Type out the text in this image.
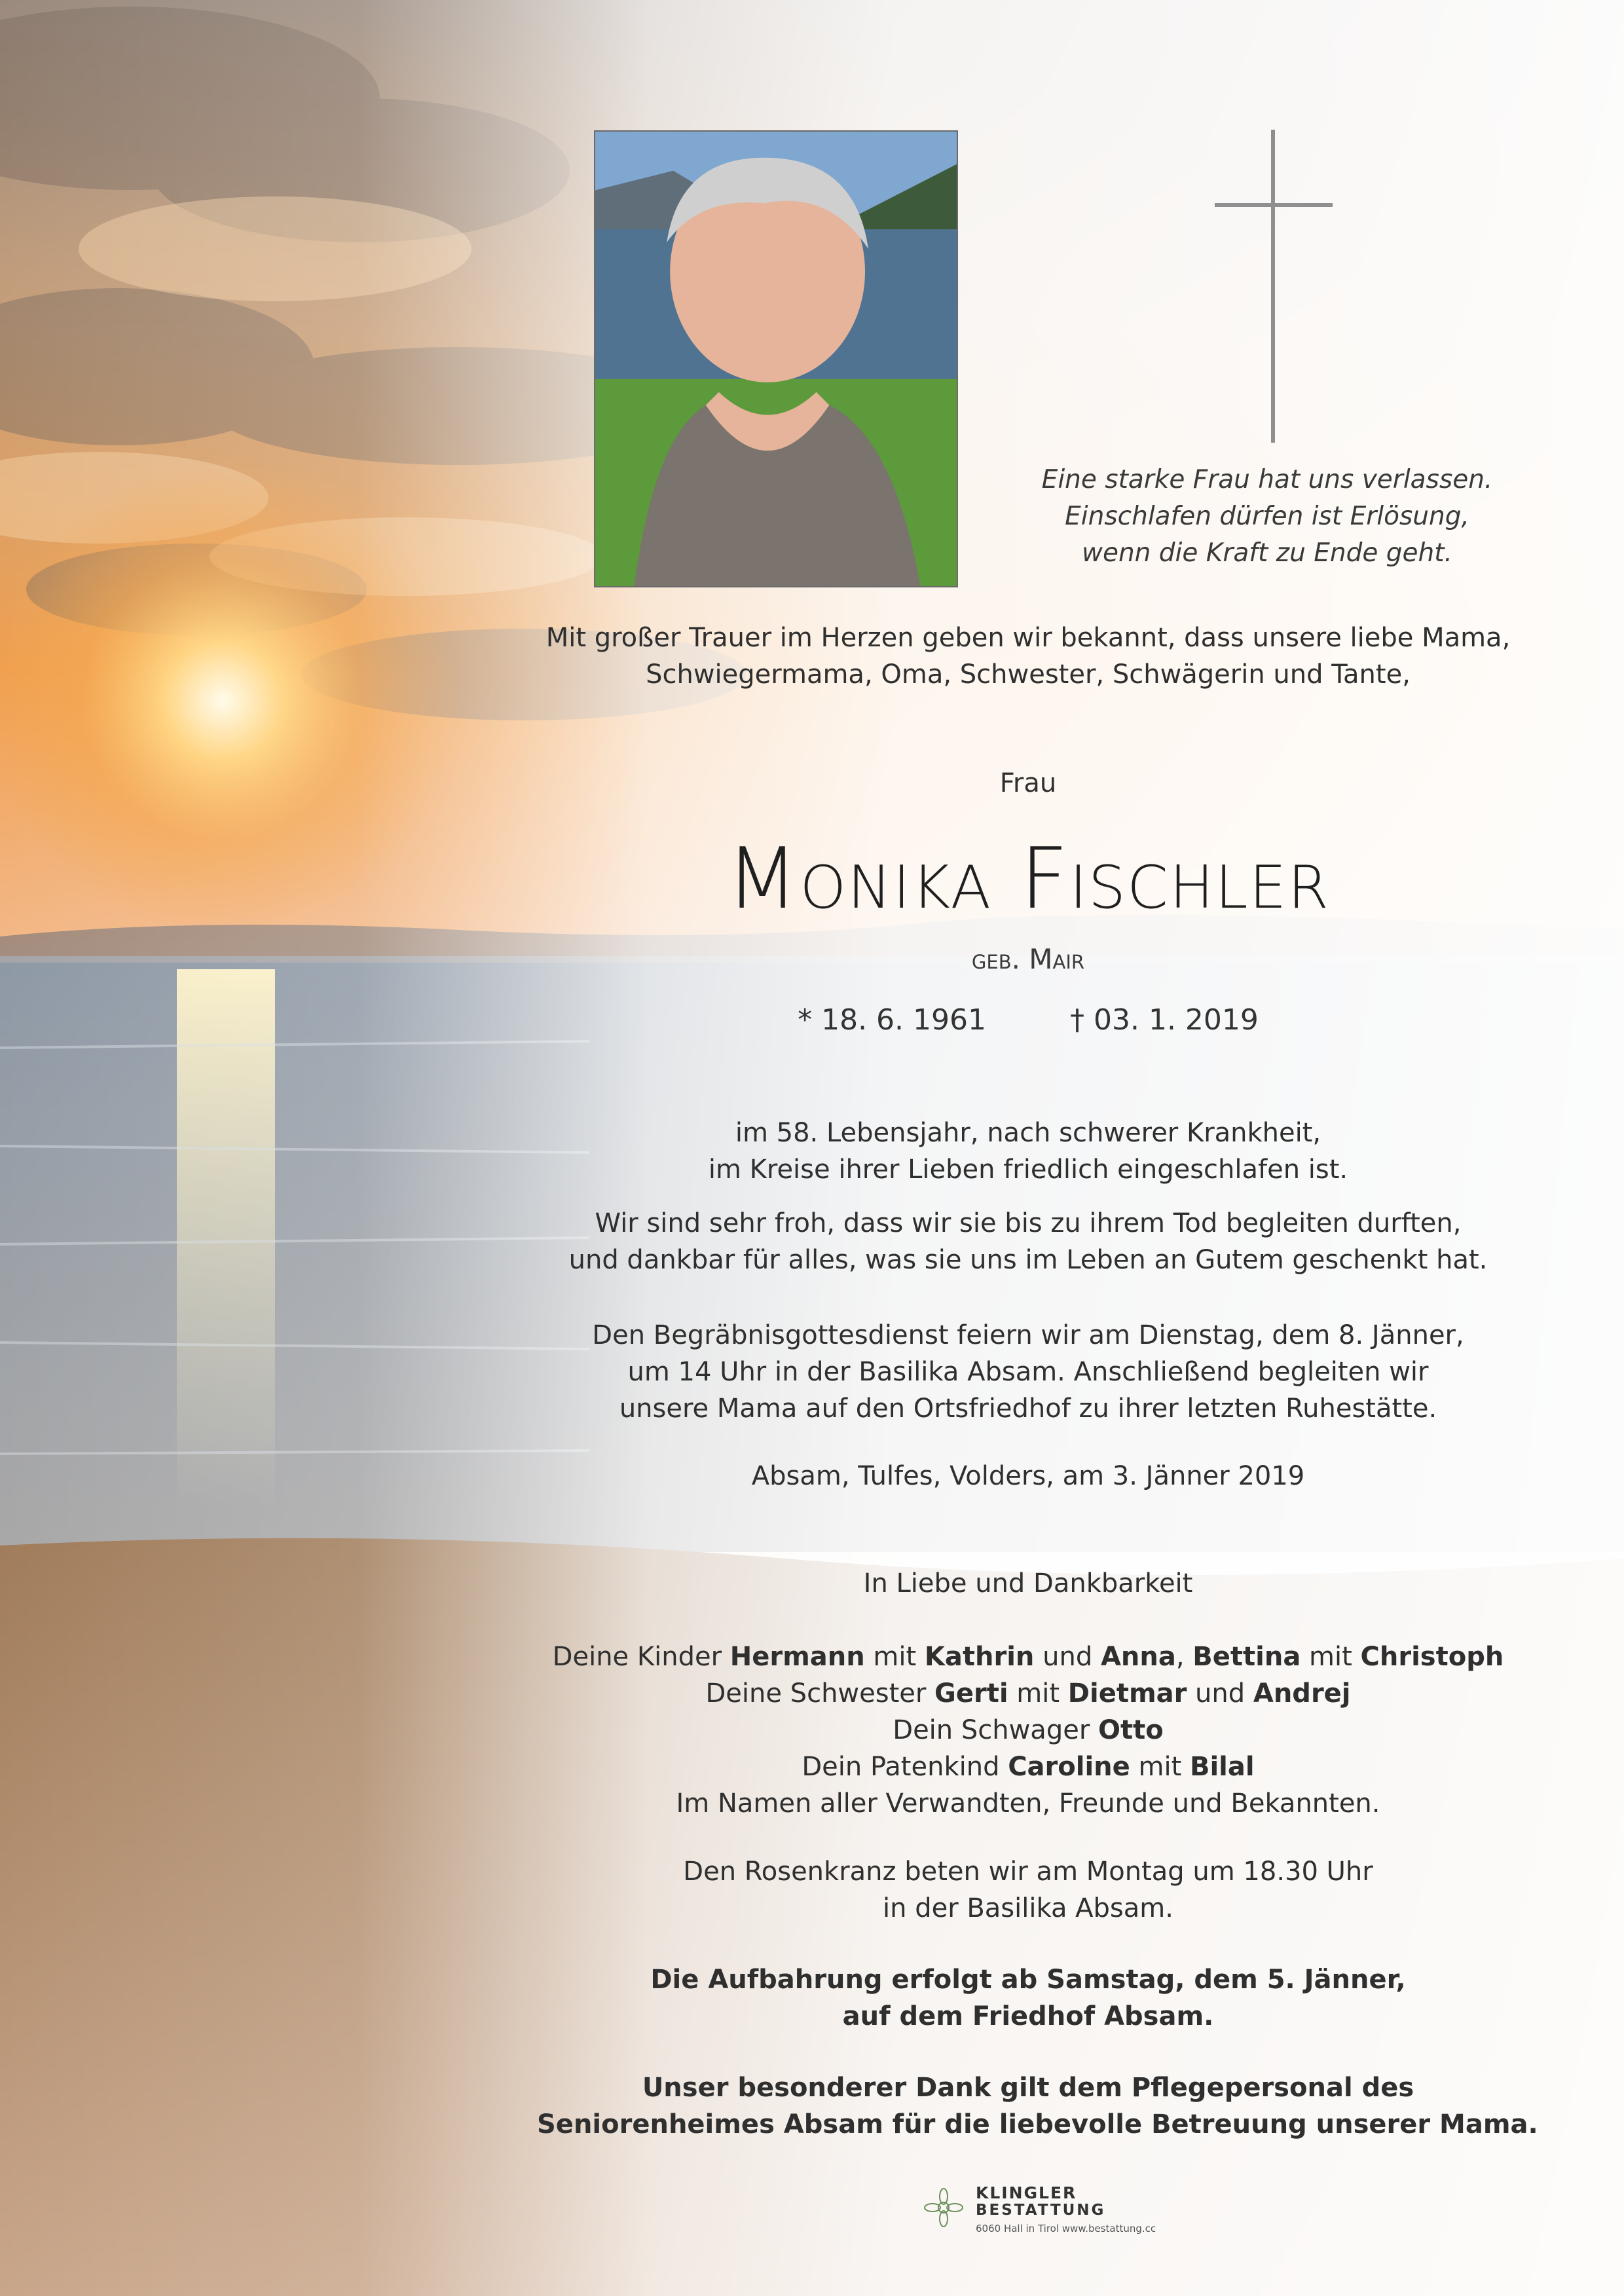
Eine starke Frau hat uns verlassen.
Einschlafen dürfen ist Erlösung,
wenn die Kraft zu Ende geht.
Mit großer Trauer im Herzen geben wir bekannt, dass unsere liebe Mama,
Schwiegermama, Oma, Schwester, Schwägerin und Tante,
Frau
Monika Fischler
geb. Mair
* 18. 6. 1961	† 03. 1. 2019
im 58. Lebensjahr, nach schwerer Krankheit,
im Kreise ihrer Lieben friedlich eingeschlafen ist.
Wir sind sehr froh, dass wir sie bis zu ihrem Tod begleiten durften,
und dankbar für alles, was sie uns im Leben an Gutem geschenkt hat.
Den Begräbnisgottesdienst feiern wir am Dienstag, dem 8. Jänner,
um 14 Uhr in der Basilika Absam. Anschließend begleiten wir
unsere Mama auf den Ortsfriedhof zu ihrer letzten Ruhestätte.
Absam, Tulfes, Volders, am 3. Jänner 2019
In Liebe und Dankbarkeit
Deine Kinder Hermann mit Kathrin und Anna, Bettina mit Christoph
Deine Schwester Gerti mit Dietmar und Andrej
Dein Schwager Otto
Dein Patenkind Caroline mit Bilal
Im Namen aller Verwandten, Freunde und Bekannten.
Den Rosenkranz beten wir am Montag um 18.30 Uhr
in der Basilika Absam.
Die Aufbahrung erfolgt ab Samstag, dem 5. Jänner,
auf dem Friedhof Absam.
Unser besonderer Dank gilt dem Pflegepersonal des
Seniorenheimes Absam für die liebevolle Betreuung unserer Mama.
KLINGLER
BESTATTUNG
6060 Hall in Tirol www.bestattung.cc
